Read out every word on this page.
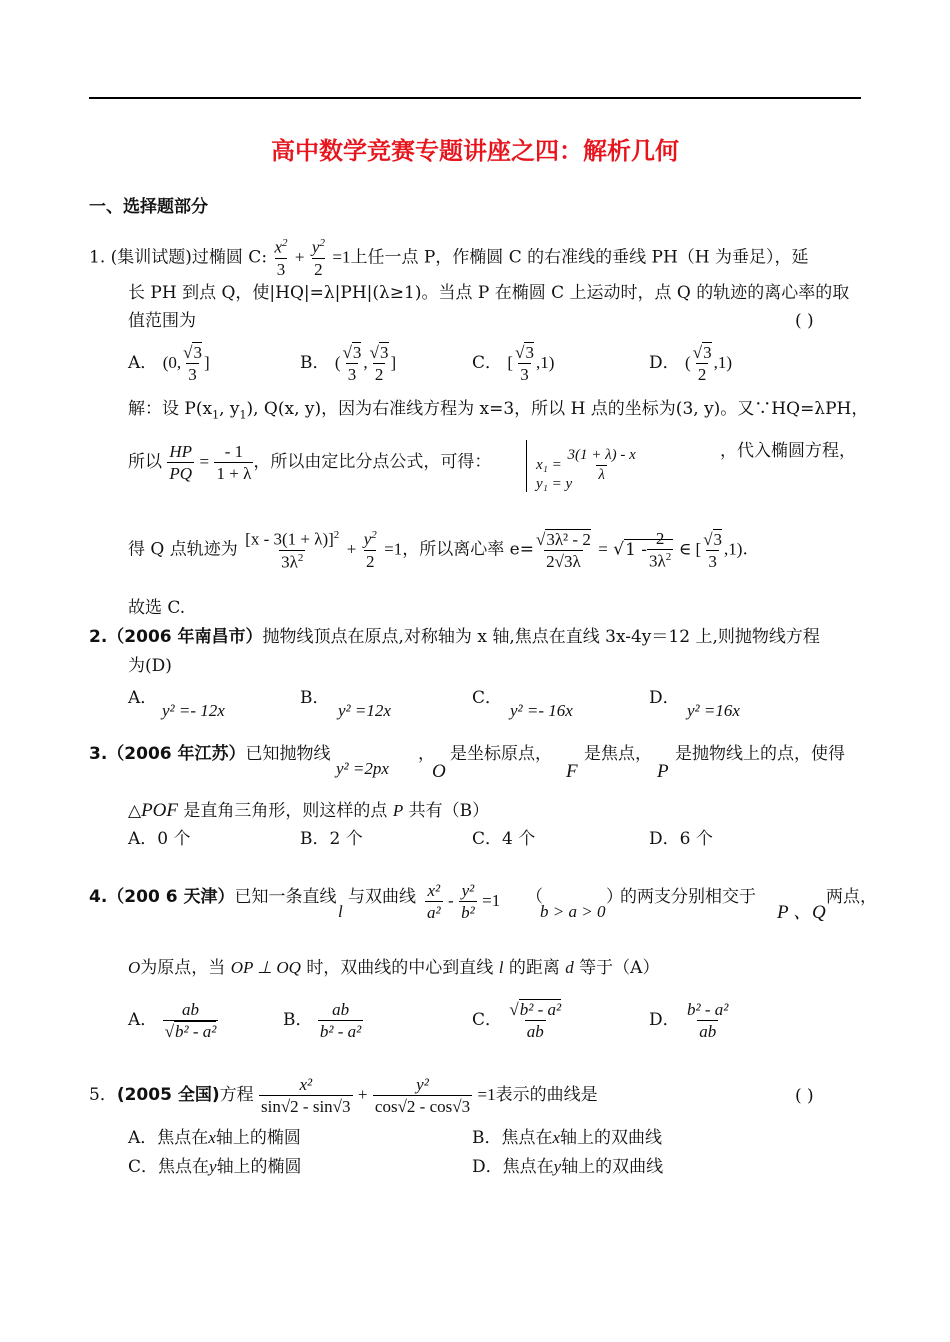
高中数学竞赛专题讲座之四：解析几何
一、选择题部分
1. (集训试题)过椭圆 C: $\frac{x^2}{3} + \frac{y^2}{2} =1$上任一点 P，作椭圆 C 的右准线的垂线 PH（H 为垂足），延
长 PH 到点 Q，使|HQ|=λ|PH|(λ≥1)。当点 P 在椭圆 C 上运动时，点 Q 的轨迹的离心率的取
值范围为	( )
A． (0, $\frac{√3}{3}$ ]	B． ( $\frac{√3}{3}$ , $\frac{√3}{2}$ ]	C． [ $\frac{√3}{3} ,1$)	D． ( $\frac{√3}{2} ,1$)
解：设 $P(x_1$, $y_1$), Q(x, y)，因为右准线方程为 x=3，所以 H 点的坐标为(3, y)。又∵HQ=λPH，
所以 $\frac{HP}{PQ} = \frac{- 1}{1 + \lambda}$ ，所以由定比分点公式，可得：	$x_1 = \frac{3(1 + \lambda) - x}{\lambda}$
y₁ = y
，代入椭圆方程，
得 Q 点轨迹为 $\frac{[x - 3(1 + \lambda)]^2}{3\lambda^2} + \frac{y^2}{2} =1$，所以离心率 $e= \frac{\text{√3λ² - 2}}{2√3\lambda} = √1 - \frac{2}{3\lambda^2}$ ∈ [ $\frac{√3}{3} ,1$).
故选 C.
2.（2006 年南昌市）抛物线顶点在原点,对称轴为 x 轴,焦点在直线 3x-4y＝12 上,则抛物线方程
为(D)
A．
y² =- 12x
B．
y² =12x
C．
y² =- 16x
D．
y² =16x
3.（2006 年江苏）已知抛物线
y² =2px
，
O
是坐标原点，
F
是焦点，
P
是抛物线上的点，使得
△POF 是直角三角形，则这样的点 P 共有（B）
A．0 个	B．2 个	C．4 个	D．6 个
4.（200 6 天津）已知一条直线
l
与双曲线 $\frac{\text{x²}}{\text{a²}} - \frac{\text{y²}}{\text{b²}} =1$ （
b > a > 0
）
的两支分别相交于
P 、Q
两点，
O为原点，当 OP ⊥ OQ 时，双曲线的中心到直线 l 的距离 d 等于（A）
A． $\frac{ab}{\text{√b² - a²}}$	B． $\frac{ab}{\text{b² - a²}}$	C． $\frac{\text{√b² - a²}}{ab}$	D． $\frac{\text{b² - a²}}{ab}$
5．(2005 全国)方程 $\frac{\text{x²}}{\sin√2 - \sin√3} + \frac{\text{y²}}{\cos√2 - \cos√3} =1$表示的曲线是	( )
A．焦点在x轴上的椭圆	B．焦点在x轴上的双曲线
C．焦点在y轴上的椭圆	D．焦点在y轴上的双曲线
